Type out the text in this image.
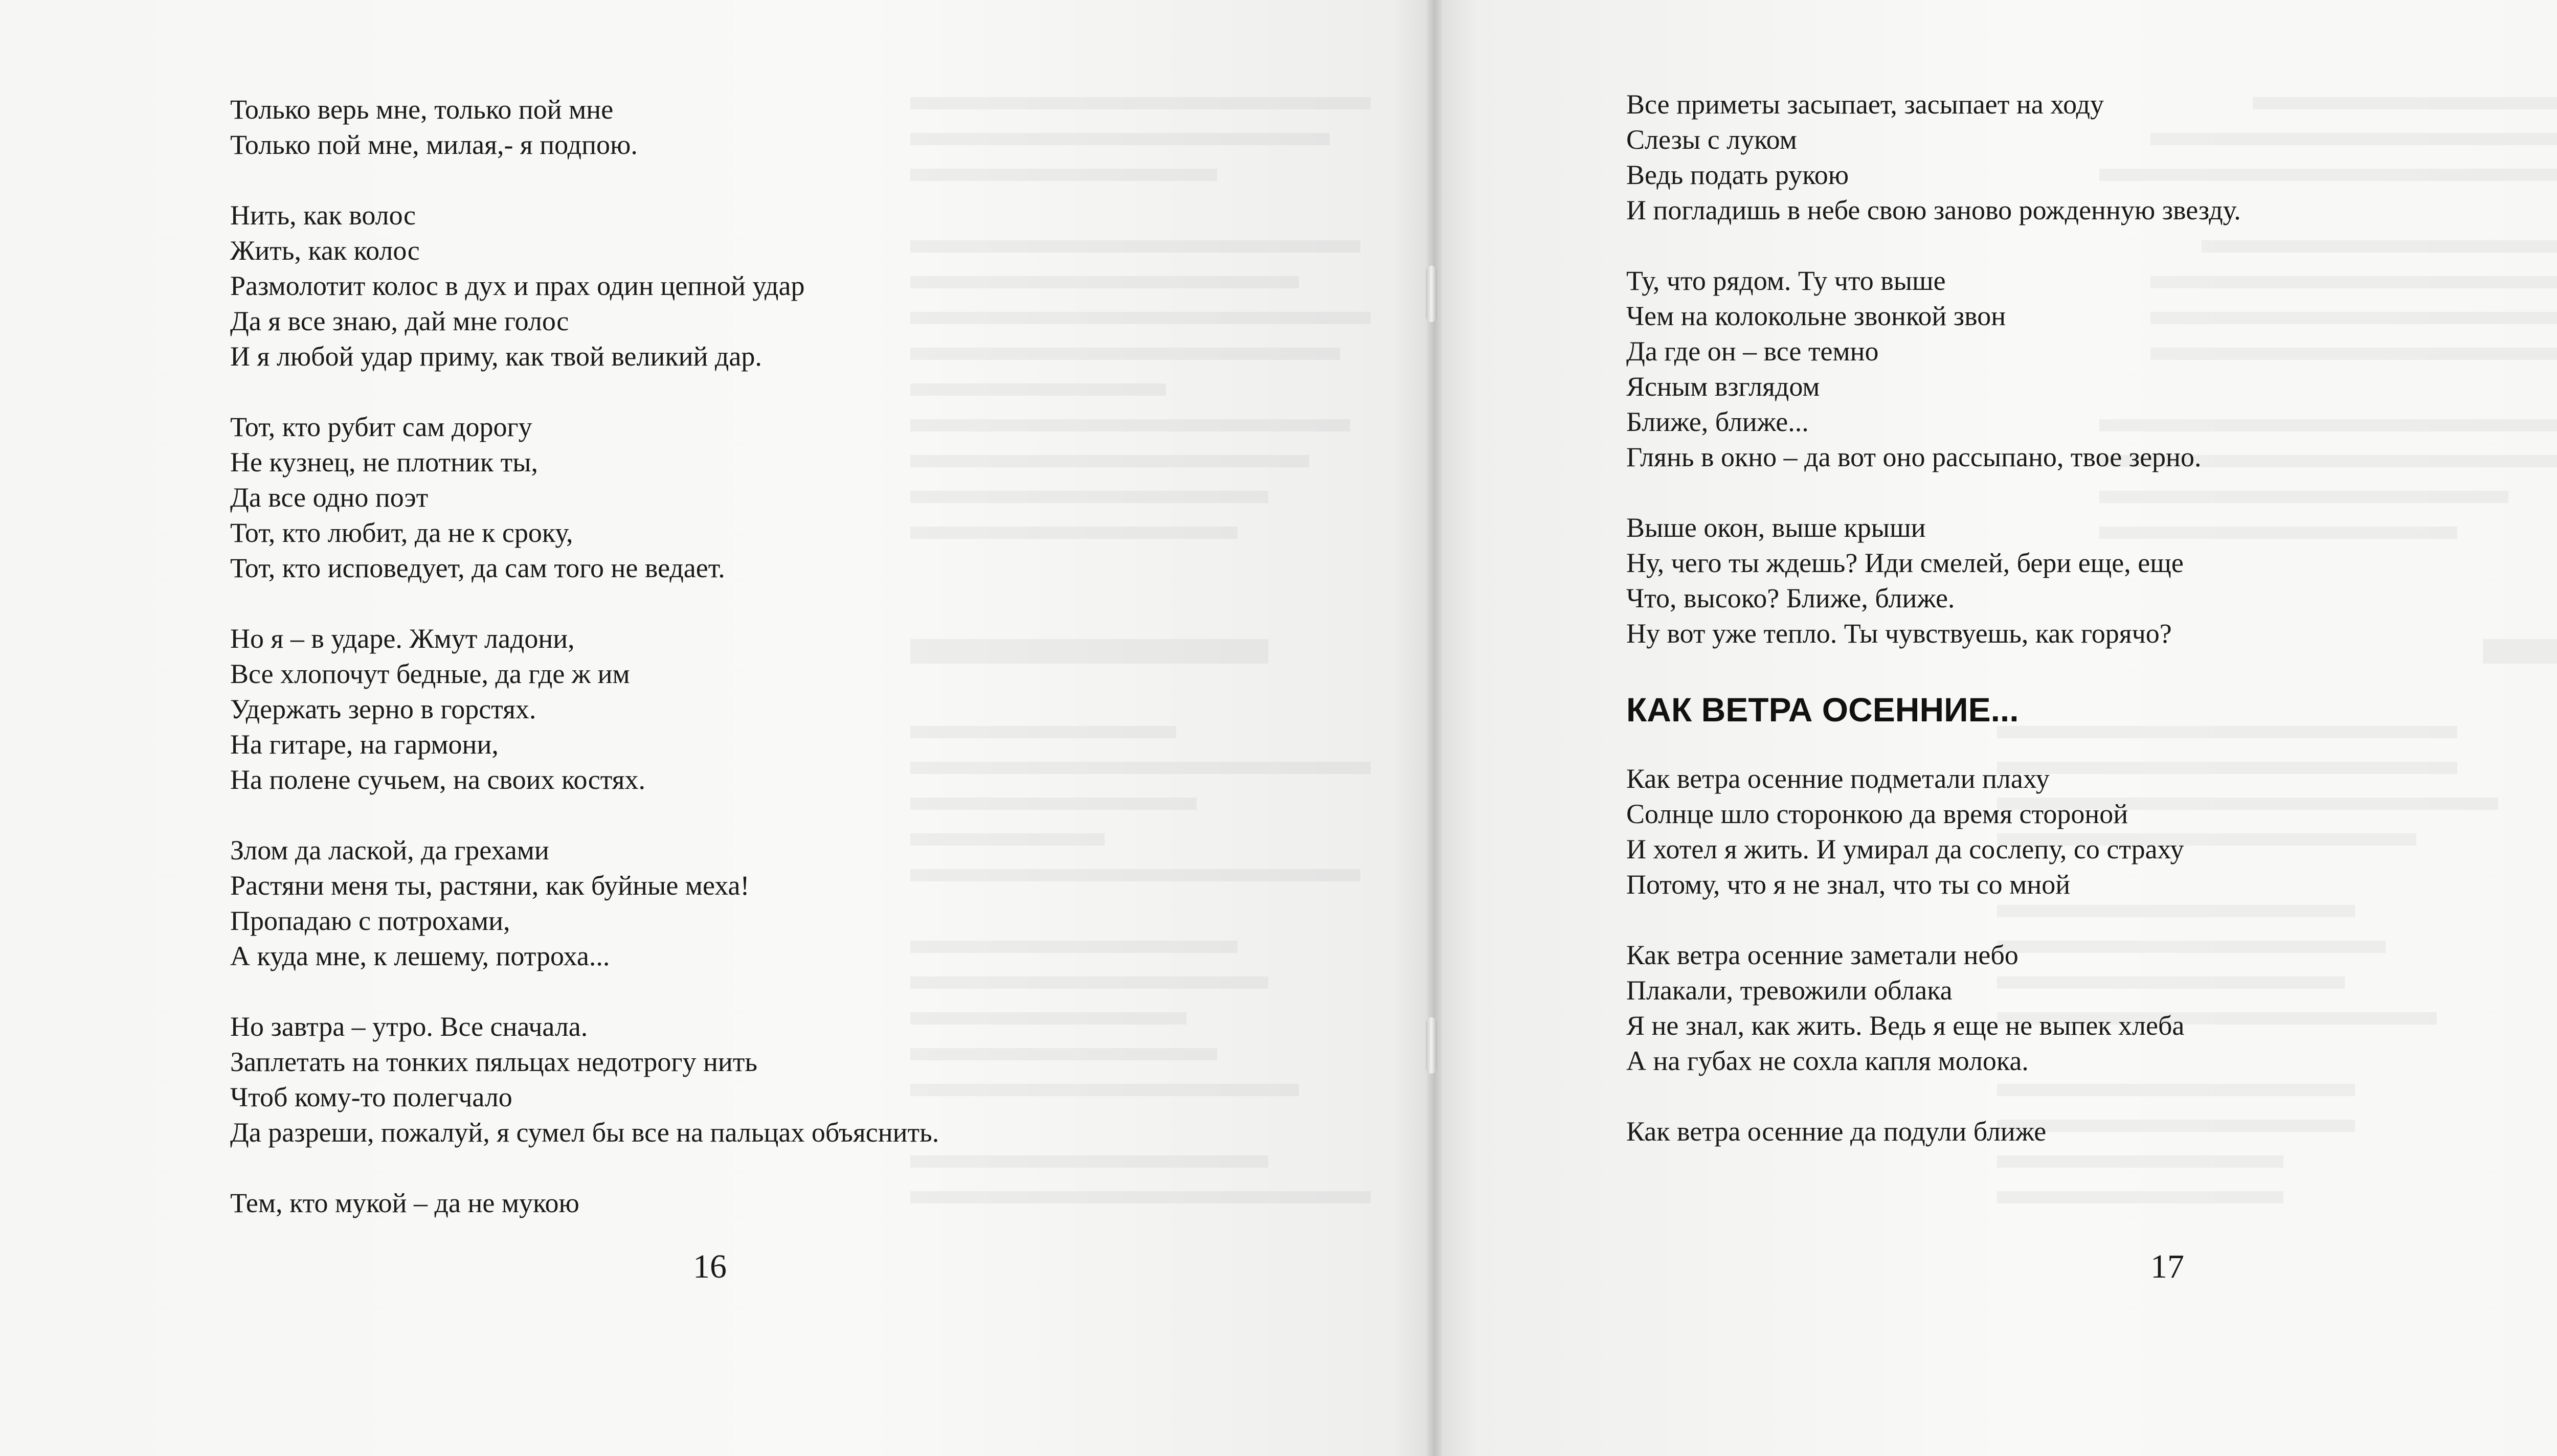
Только верь мне, только пой мне
Только пой мне, милая,- я подпою.
Нить, как волос
Жить, как колос
Размолотит колос в дух и прах один цепной удар
Да я все знаю, дай мне голос
И я любой удар приму, как твой великий дар.
Тот, кто рубит сам дорогу
Не кузнец, не плотник ты,
Да все одно поэт
Тот, кто любит, да не к сроку,
Тот, кто исповедует, да сам того не ведает.
Но я – в ударе. Жмут ладони,
Все хлопочут бедные, да где ж им
Удержать зерно в горстях.
На гитаре, на гармони,
На полене сучьем, на своих костях.
Злом да лаской, да грехами
Растяни меня ты, растяни, как буйные меха!
Пропадаю с потрохами,
А куда мне, к лешему, потроха...
Но завтра – утро. Все сначала.
Заплетать на тонких пяльцах недотрогу нить
Чтоб кому-то полегчало
Да разреши, пожалуй, я сумел бы все на пальцах объяснить.
Тем, кто мукой – да не мукою
16
Все приметы засыпает, засыпает на ходу
Слезы с луком
Ведь подать рукою
И погладишь в небе свою заново рожденную звезду.
Ту, что рядом. Ту что выше
Чем на колокольне звонкой звон
Да где он – все темно
Ясным взглядом
Ближе, ближе...
Глянь в окно – да вот оно рассыпано, твое зерно.
Выше окон, выше крыши
Ну, чего ты ждешь? Иди смелей, бери еще, еще
Что, высоко? Ближе, ближе.
Ну вот уже тепло. Ты чувствуешь, как горячо?
КАК ВЕТРА ОСЕННИЕ...
Как ветра осенние подметали плаху
Солнце шло сторонкою да время стороной
И хотел я жить. И умирал да сослепу, со страху
Потому, что я не знал, что ты со мной
Как ветра осенние заметали небо
Плакали, тревожили облака
Я не знал, как жить. Ведь я еще не выпек хлеба
А на губах не сохла капля молока.
Как ветра осенние да подули ближе
17
